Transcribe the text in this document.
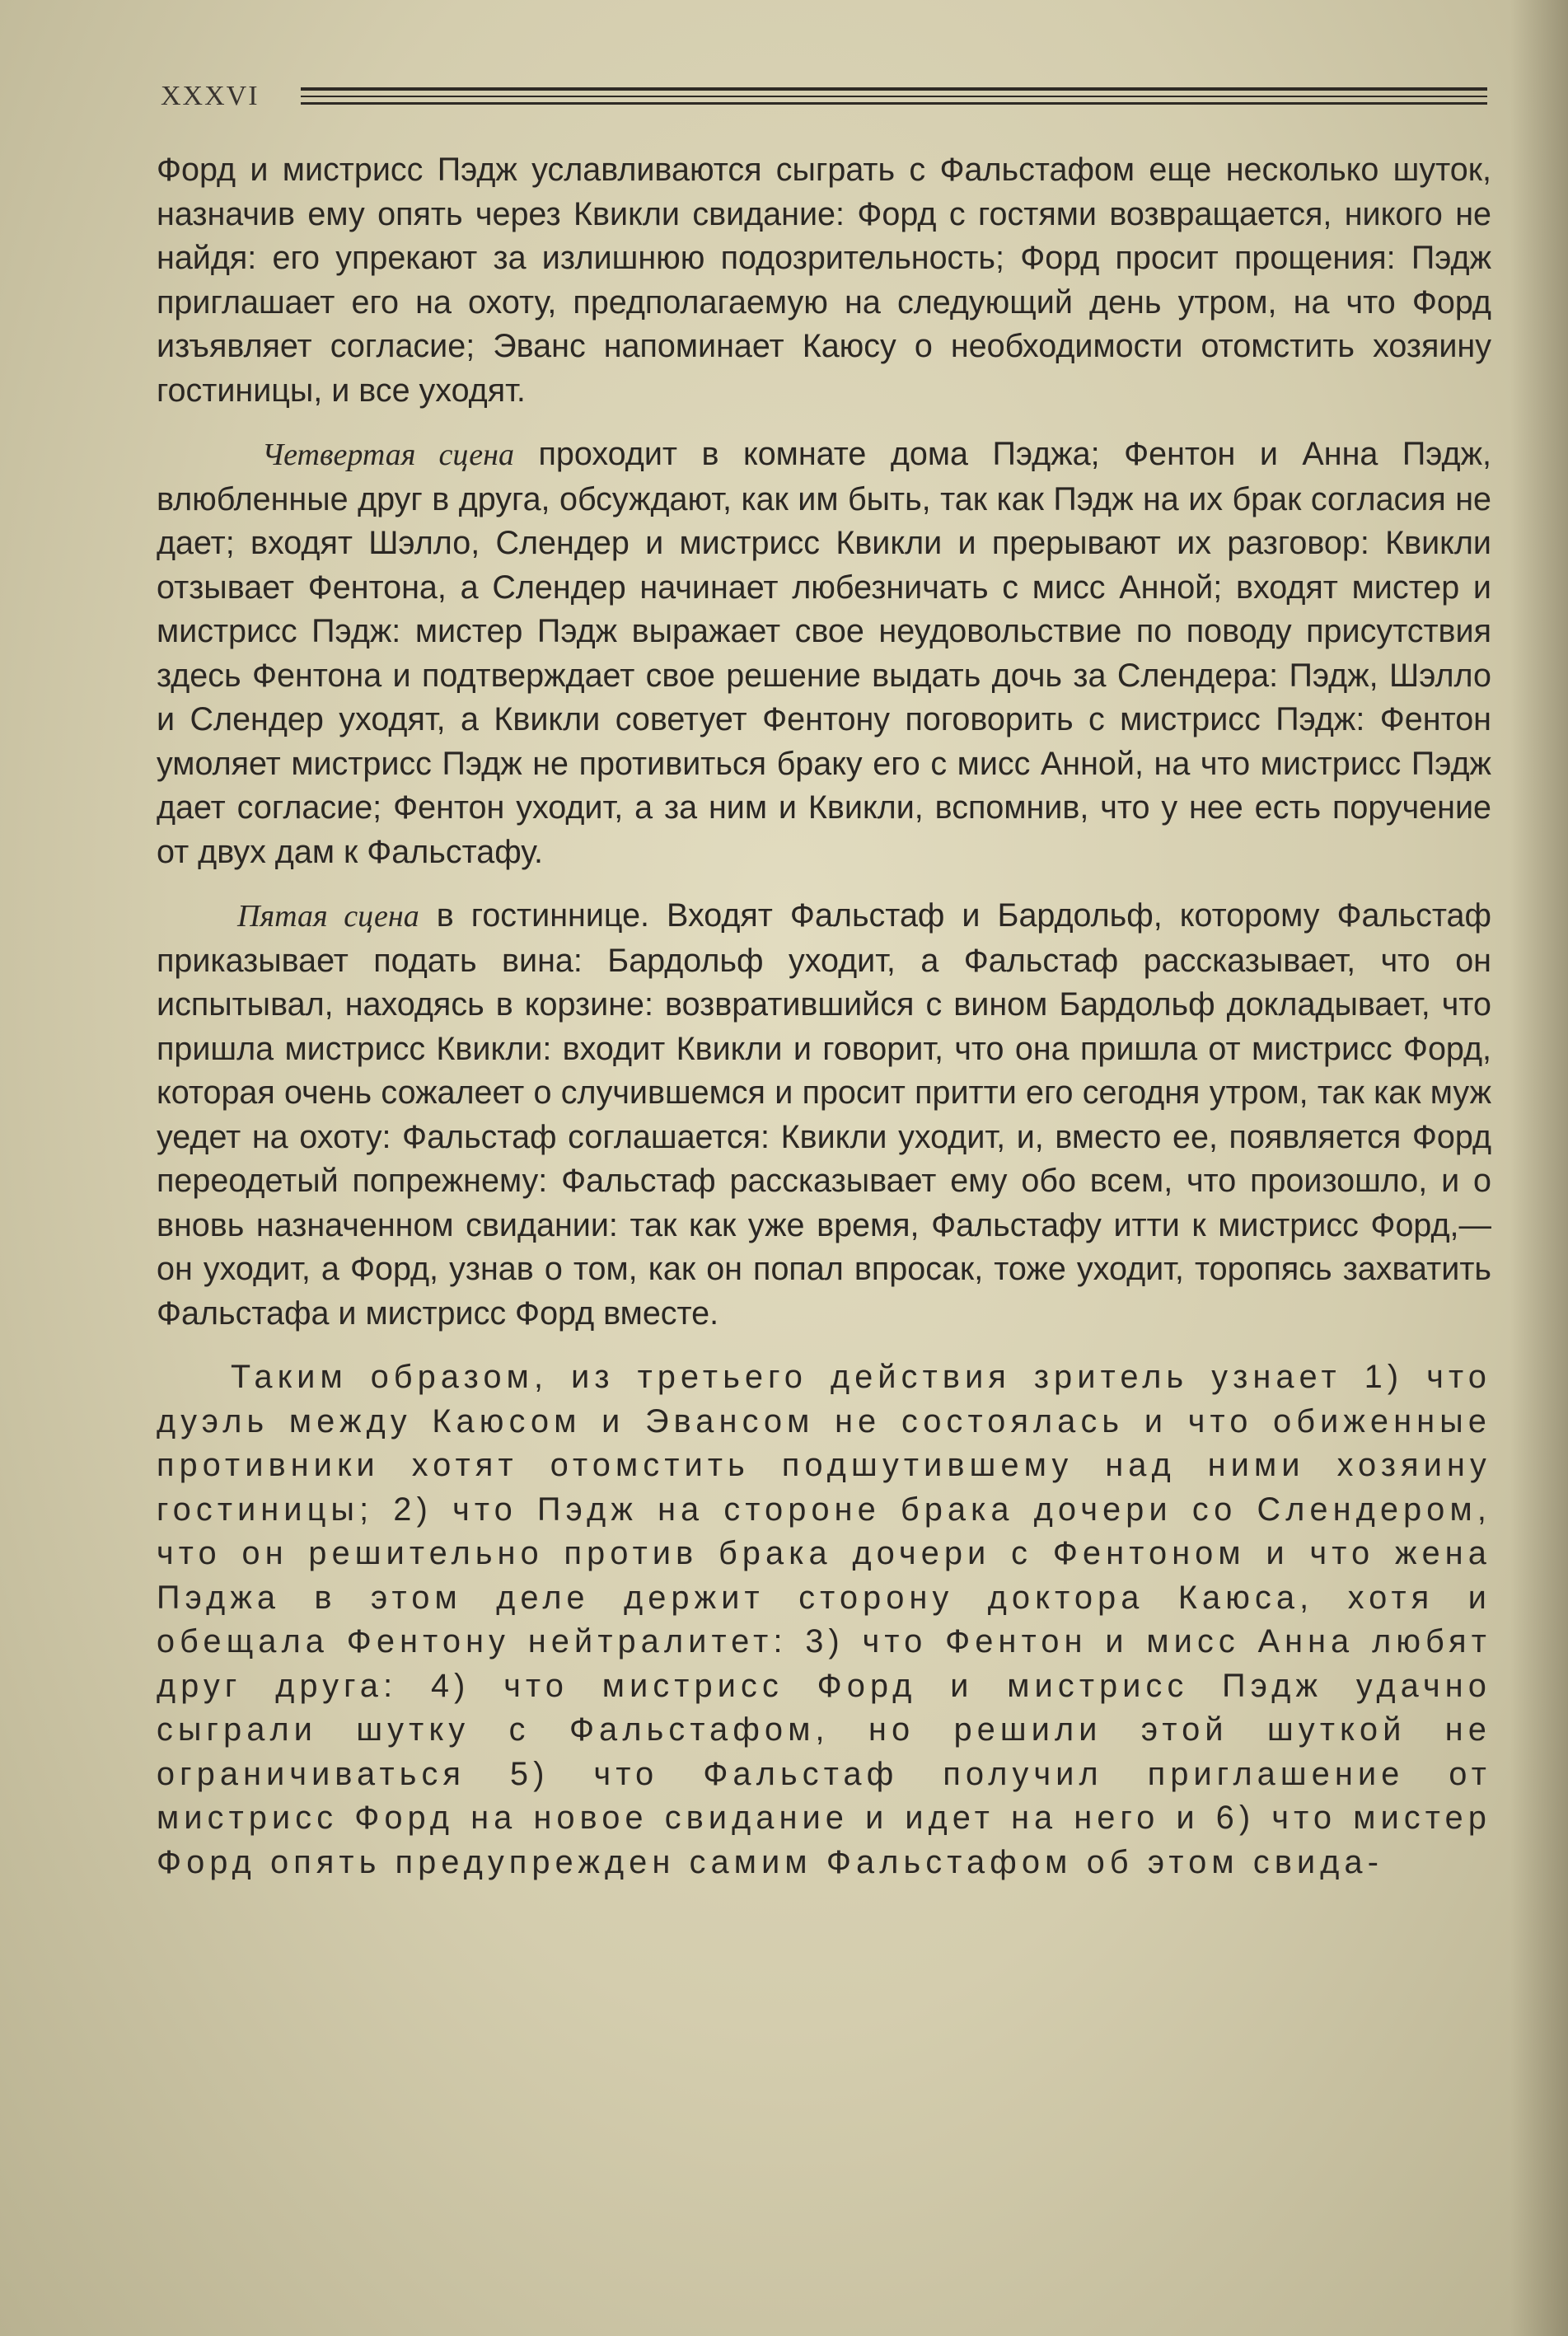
XXXVI

Форд и мистрисс Пэдж уславливаются сыграть с Фальстафом еще несколько шуток, назначив ему опять через Квикли свидание: Форд с гостями возвращается, никого не найдя: его упрекают за излишнюю подозрительность; Форд просит прощения: Пэдж приглашает его на охоту, предполагаемую на следующий день утром, на что Форд изъявляет согласие; Эванс напоминает Каюсу о необходимости отомстить хозяину гостиницы, и все уходят.

Четвертая сцена проходит в комнате дома Пэджа; Фентон и Анна Пэдж, влюбленные друг в друга, обсуждают, как им быть, так как Пэдж на их брак согласия не дает; входят Шэлло, Слендер и мистрисс Квикли и прерывают их разговор: Квикли отзывает Фентона, а Слендер начинает любезничать с мисс Анной; входят мистер и мистрисс Пэдж: мистер Пэдж выражает свое неудовольствие по поводу присутствия здесь Фентона и подтверждает свое решение выдать дочь за Слендера: Пэдж, Шэлло и Слендер уходят, а Квикли советует Фентону поговорить с мистрисс Пэдж: Фентон умоляет мистрисс Пэдж не противиться браку его с мисс Анной, на что мистрисс Пэдж дает согласие; Фентон уходит, а за ним и Квикли, вспомнив, что у нее есть поручение от двух дам к Фальстафу.

Пятая сцена в гостиннице. Входят Фальстаф и Бардольф, которому Фальстаф приказывает подать вина: Бардольф уходит, а Фальстаф рассказывает, что он испытывал, находясь в корзине: возвратившийся с вином Бардольф докладывает, что пришла мистрисс Квикли: входит Квикли и говорит, что она пришла от мистрисс Форд, которая очень сожалеет о случившемся и просит притти его сегодня утром, так как муж уедет на охоту: Фальстаф соглашается: Квикли уходит, и, вместо ее, появляется Форд переодетый попрежнему: Фальстаф рассказывает ему обо всем, что произошло, и о вновь назначенном свидании: так как уже время, Фальстафу итти к мистрисс Форд,—он уходит, а Форд, узнав о том, как он попал впросак, тоже уходит, торопясь захватить Фальстафа и мистрисс Форд вместе.

Таким образом, из третьего действия зритель узнает 1) что дуэль между Каюсом и Эвансом не состоялась и что обиженные противники хотят отомстить подшутившему над ними хозяину гостиницы; 2) что Пэдж на стороне брака дочери со Слендером, что он решительно против брака дочери с Фентоном и что жена Пэджа в этом деле держит сторону доктора Каюса, хотя и обещала Фентону нейтралитет: 3) что Фентон и мисс Анна любят друг друга: 4) что мистрисс Форд и мистрисс Пэдж удачно сыграли шутку с Фальстафом, но решили этой шуткой не ограничиваться 5) что Фальстаф получил приглашение от мистрисс Форд на новое свидание и идет на него и 6) что мистер Форд опять предупрежден самим Фальстафом об этом свида-
